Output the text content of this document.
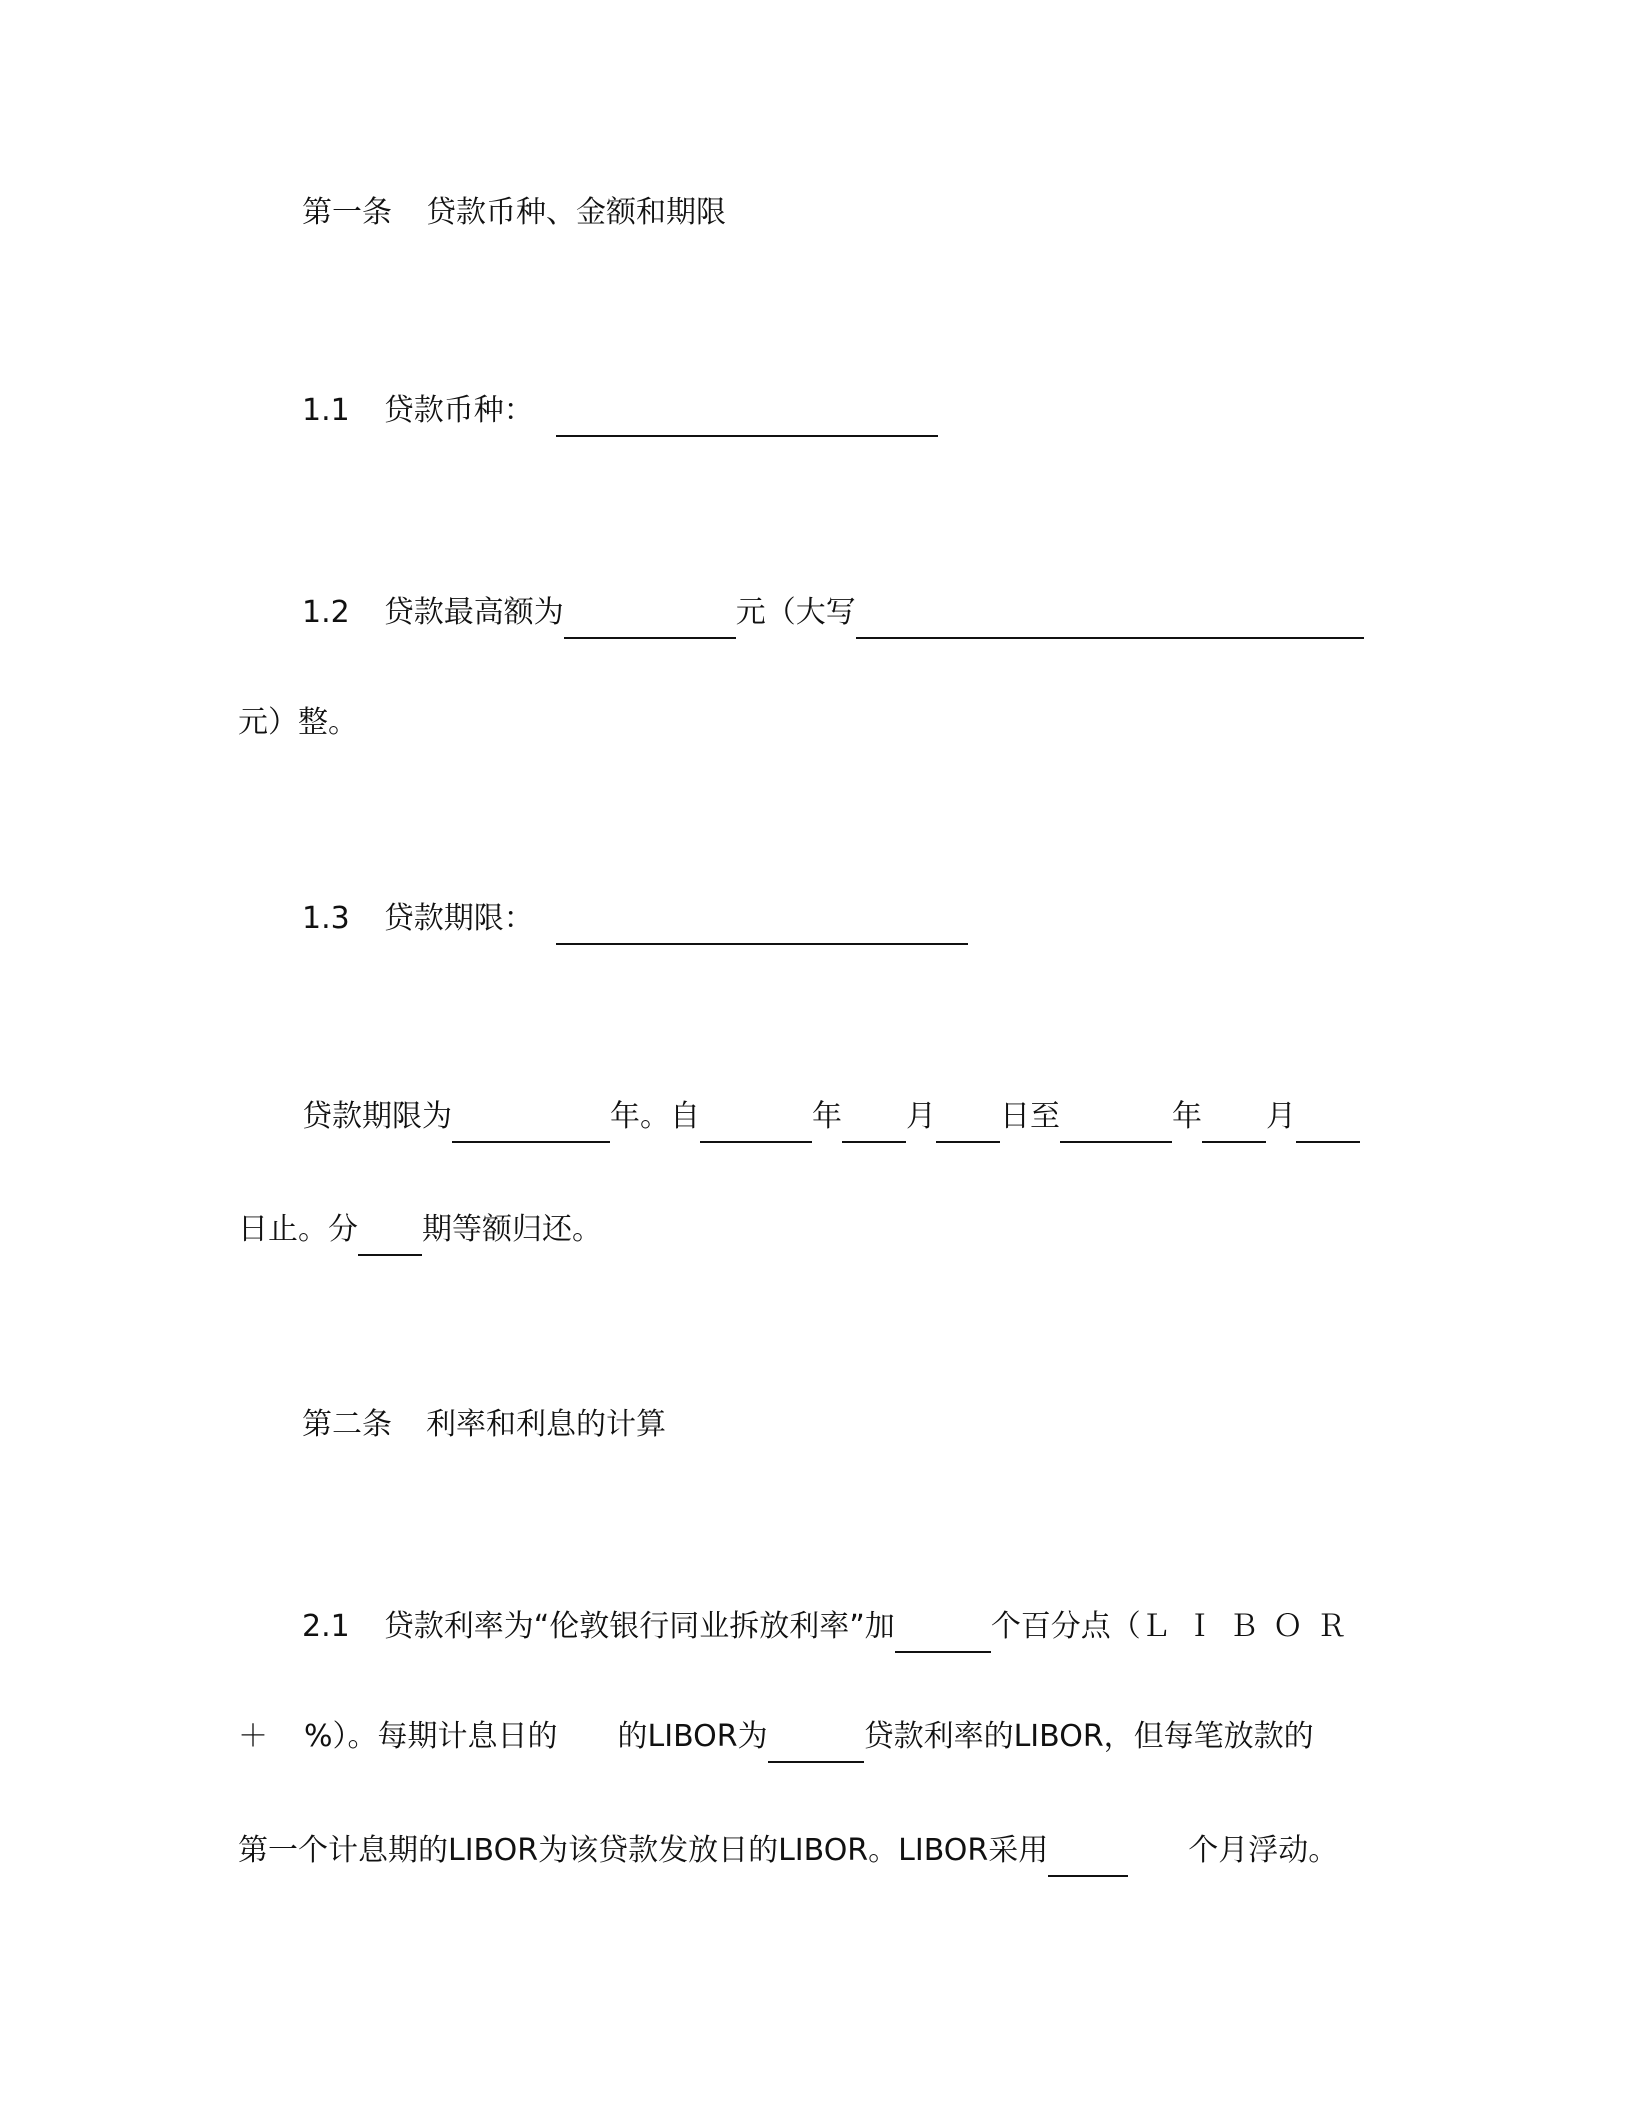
第一条 贷款币种、金额和期限
1.1 贷款币种：
1.2 贷款最高额为	元（大写
元）整。
1.3 贷款期限：
贷款期限为	年。自	年 月 日至	年 月
日止。分 期等额归还。
第二条 利率和利息的计算
2.1 贷款利率为“伦敦银行同业拆放利率”加	个百分点（ ＬＩＢＯＲ
＋ %）。每期计息日的 的LIBOR为	贷款利率的LIBOR，但每笔放款的
第一个计息期的LIBOR为该贷款发放日的LIBOR。LIBOR采用	个月浮动。
